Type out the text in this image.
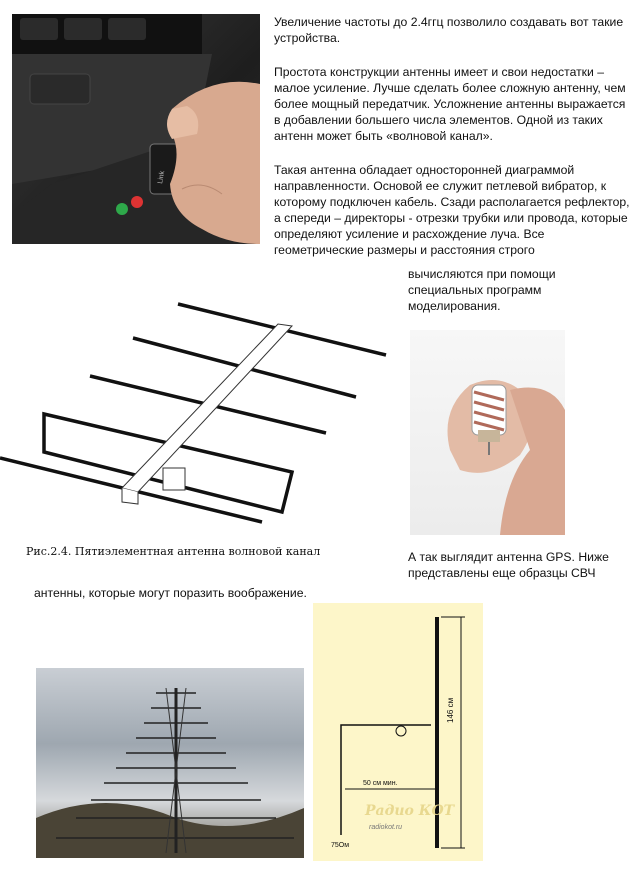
Link

Увеличение частоты до 2.4ггц позволило создавать вот такие устройства.

Простота конструкции антенны имеет и свои недостатки – малое усиление. Лучше сделать более сложную антенну, чем более мощный передатчик. Усложнение антенны выражается в добавлении большего числа элементов. Одной из таких антенн может быть «волновой канал».

Такая антенна обладает односторонней диаграммой направленности. Основой ее служит петлевой вибратор, к которому подключен кабель. Сзади располагается рефлектор, а спереди – директоры - отрезки трубки или провода, которые определяют усиление и расхождение луча. Все геометрические размеры и расстояния строго

вычисляются при помощи специальных программ моделирования.

Рис.2.4. Пятиэлементная антенна волновой канал	А так выглядит антенна GPS. Ниже представлены еще образцы СВЧ

антенны, которые могут поразить воображение.

146 см
50 см мин.
Радио КОТ
radiokot.ru
75Ом
